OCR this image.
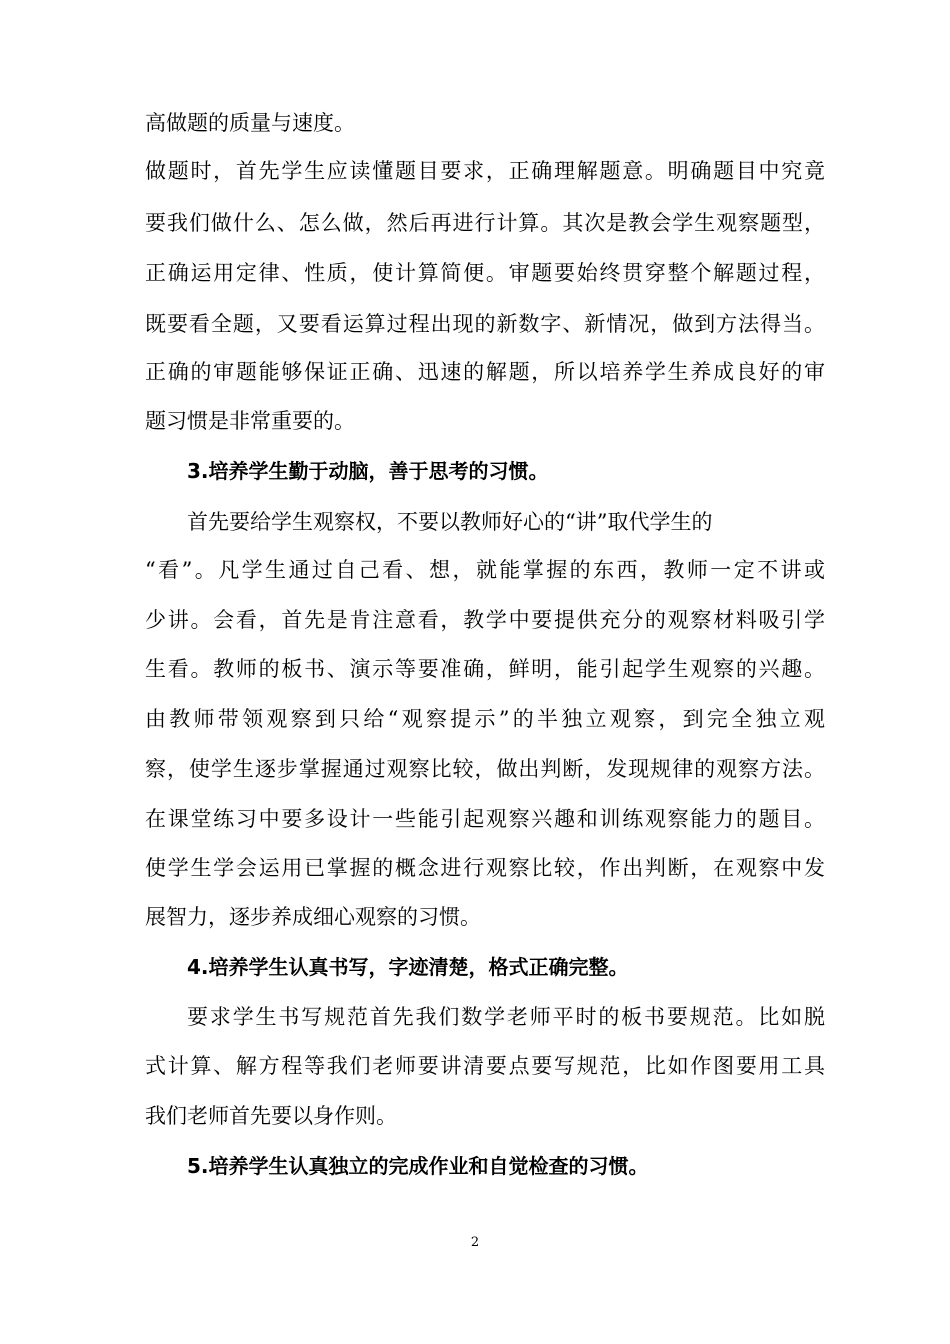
高做题的质量与速度。
做题时，首先学生应读懂题目要求，正确理解题意。明确题目中究竟
要我们做什么、怎么做，然后再进行计算。其次是教会学生观察题型，
正确运用定律、性质，使计算简便。审题要始终贯穿整个解题过程，
既要看全题，又要看运算过程出现的新数字、新情况，做到方法得当。
正确的审题能够保证正确、迅速的解题，所以培养学生养成良好的审
题习惯是非常重要的。
3.培养学生勤于动脑，善于思考的习惯。
首先要给学生观察权，不要以教师好心的“讲”取代学生的
“看”。凡学生通过自己看、想，就能掌握的东西，教师一定不讲或
少讲。会看，首先是肯注意看，教学中要提供充分的观察材料吸引学
生看。教师的板书、演示等要准确，鲜明，能引起学生观察的兴趣。
由教师带领观察到只给“观察提示”的半独立观察，到完全独立观
察，使学生逐步掌握通过观察比较，做出判断，发现规律的观察方法。
在课堂练习中要多设计一些能引起观察兴趣和训练观察能力的题目。
使学生学会运用已掌握的概念进行观察比较，作出判断，在观察中发
展智力，逐步养成细心观察的习惯。
4.培养学生认真书写，字迹清楚，格式正确完整。
要求学生书写规范首先我们数学老师平时的板书要规范。比如脱
式计算、解方程等我们老师要讲清要点要写规范，比如作图要用工具
我们老师首先要以身作则。
5.培养学生认真独立的完成作业和自觉检查的习惯。
2
